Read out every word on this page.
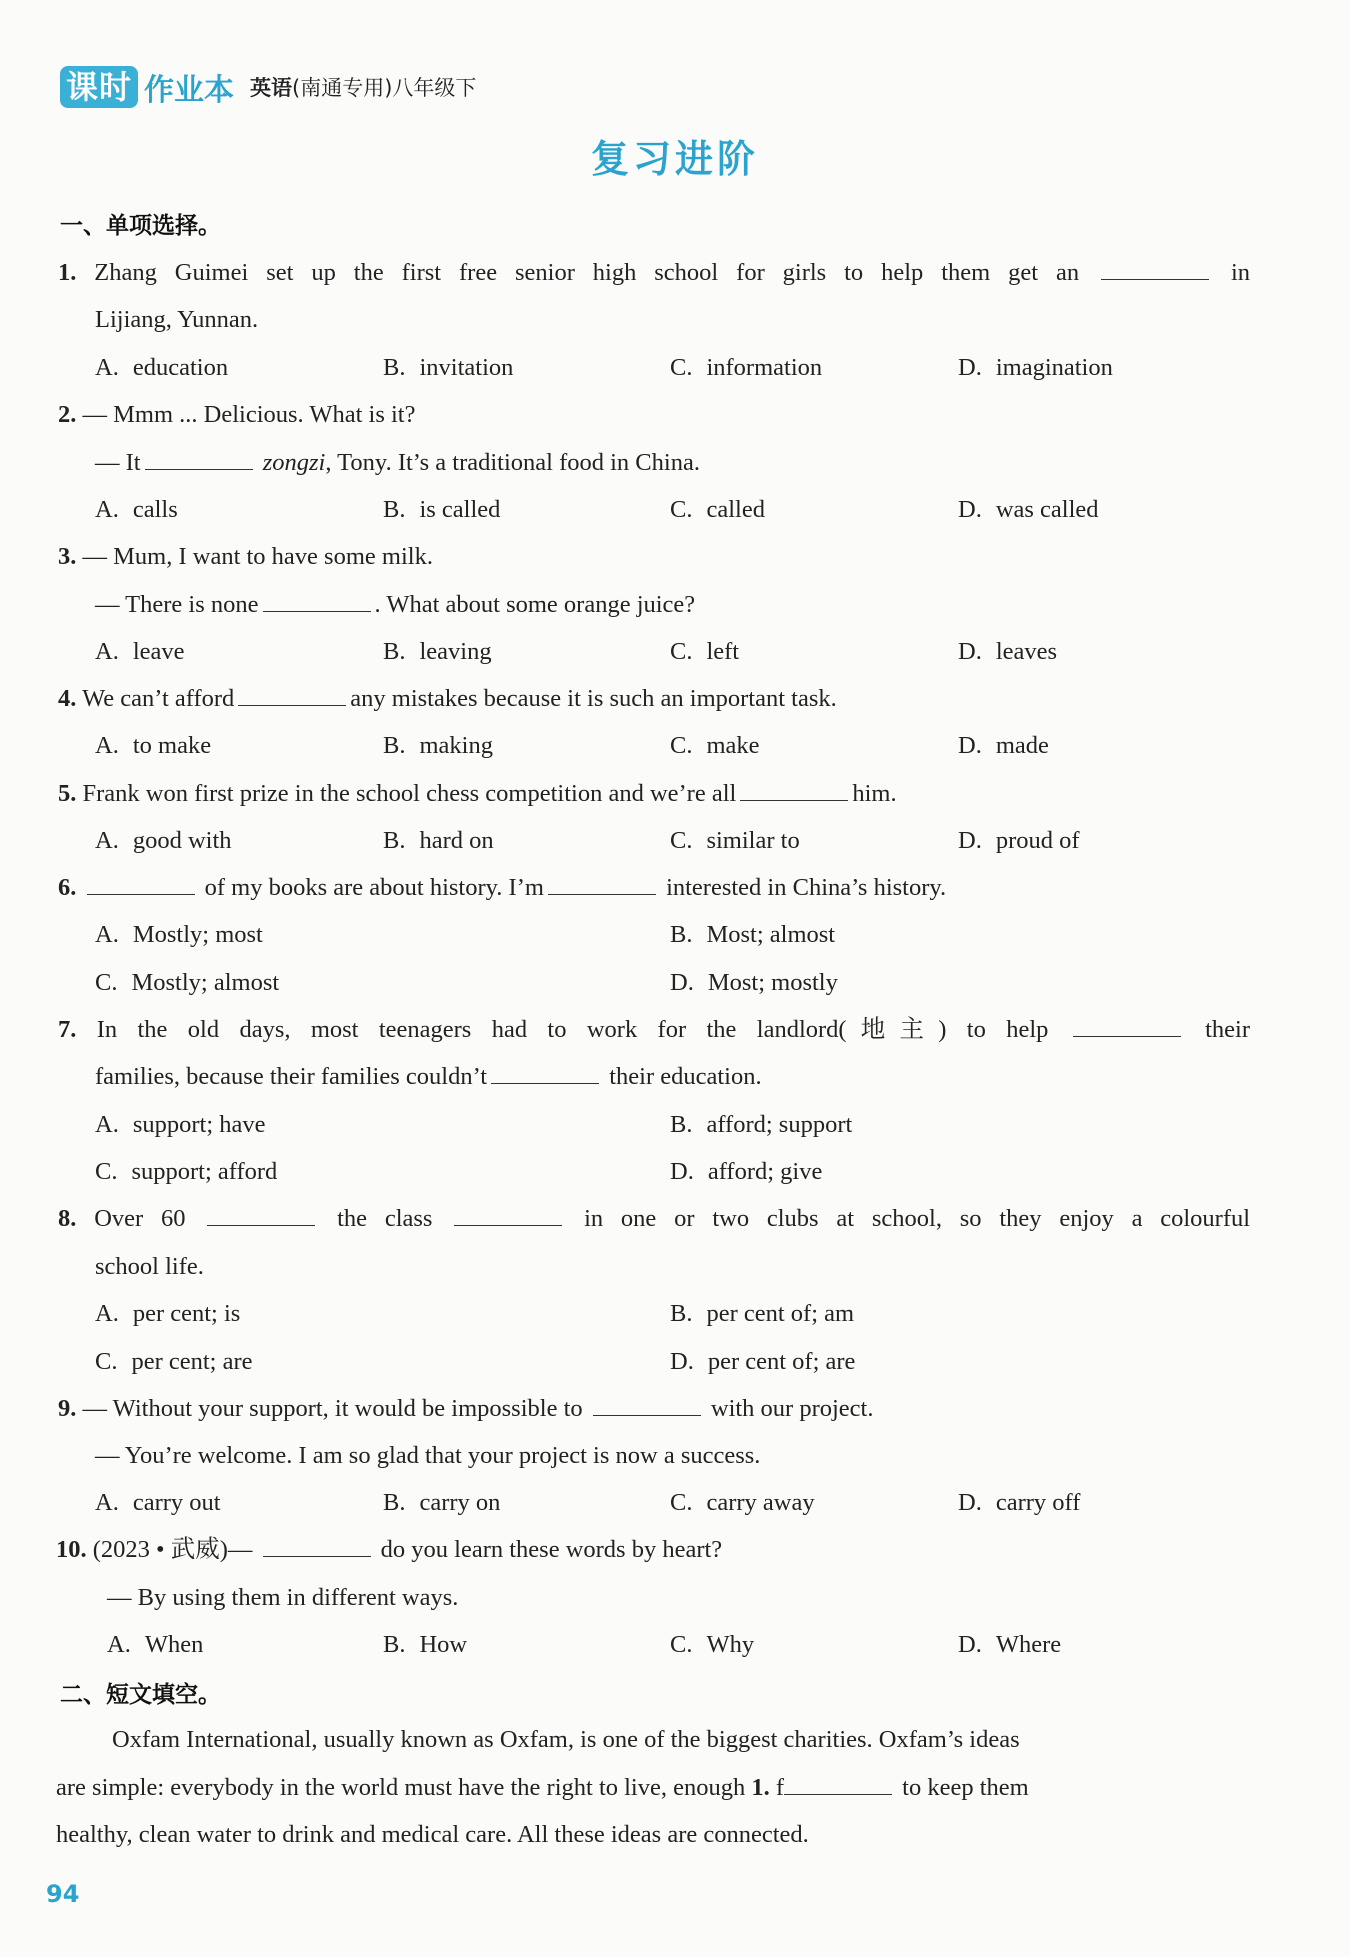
课时 作业本 英语(南通专用)八年级下
复习进阶
一、单项选择。
1. Zhang Guimei set up the first free senior high school for girls to help them get an	in
Lijiang, Yunnan.
A. education	B. invitation	C. information	D. imagination
2. — Mmm ... Delicious. What is it?
— It	zongzi, Tony. It’s a traditional food in China.
A. calls	B. is called	C. called	D. was called
3. — Mum, I want to have some milk.
— There is none	. What about some orange juice?
A. leave	B. leaving	C. left	D. leaves
4. We can’t afford	any mistakes because it is such an important task.
A. to make	B. making	C. make	D. made
5. Frank won first prize in the school chess competition and we’re all	him.
A. good with	B. hard on	C. similar to	D. proud of
6.	of my books are about history. I’m	interested in China’s history.
A. Mostly; most	B. Most; almost
C. Mostly; almost	D. Most; mostly
7. In the old days, most teenagers had to work for the landlord(地主) to help	their
families, because their families couldn’t	their education.
A. support; have	B. afford; support
C. support; afford	D. afford; give
8. Over 60	the class	in one or two clubs at school, so they enjoy a colourful
school life.
A. per cent; is	B. per cent of; am
C. per cent; are	D. per cent of; are
9. — Without your support, it would be impossible to	with our project.
— You’re welcome. I am so glad that your project is now a success.
A. carry out	B. carry on	C. carry away	D. carry off
10. (2023 • 武威)—	do you learn these words by heart?
— By using them in different ways.
A. When	B. How	C. Why	D. Where
二、短文填空。
Oxfam International, usually known as Oxfam, is one of the biggest charities. Oxfam’s ideas
are simple: everybody in the world must have the right to live, enough 1. f	to keep them
healthy, clean water to drink and medical care. All these ideas are connected.
94
